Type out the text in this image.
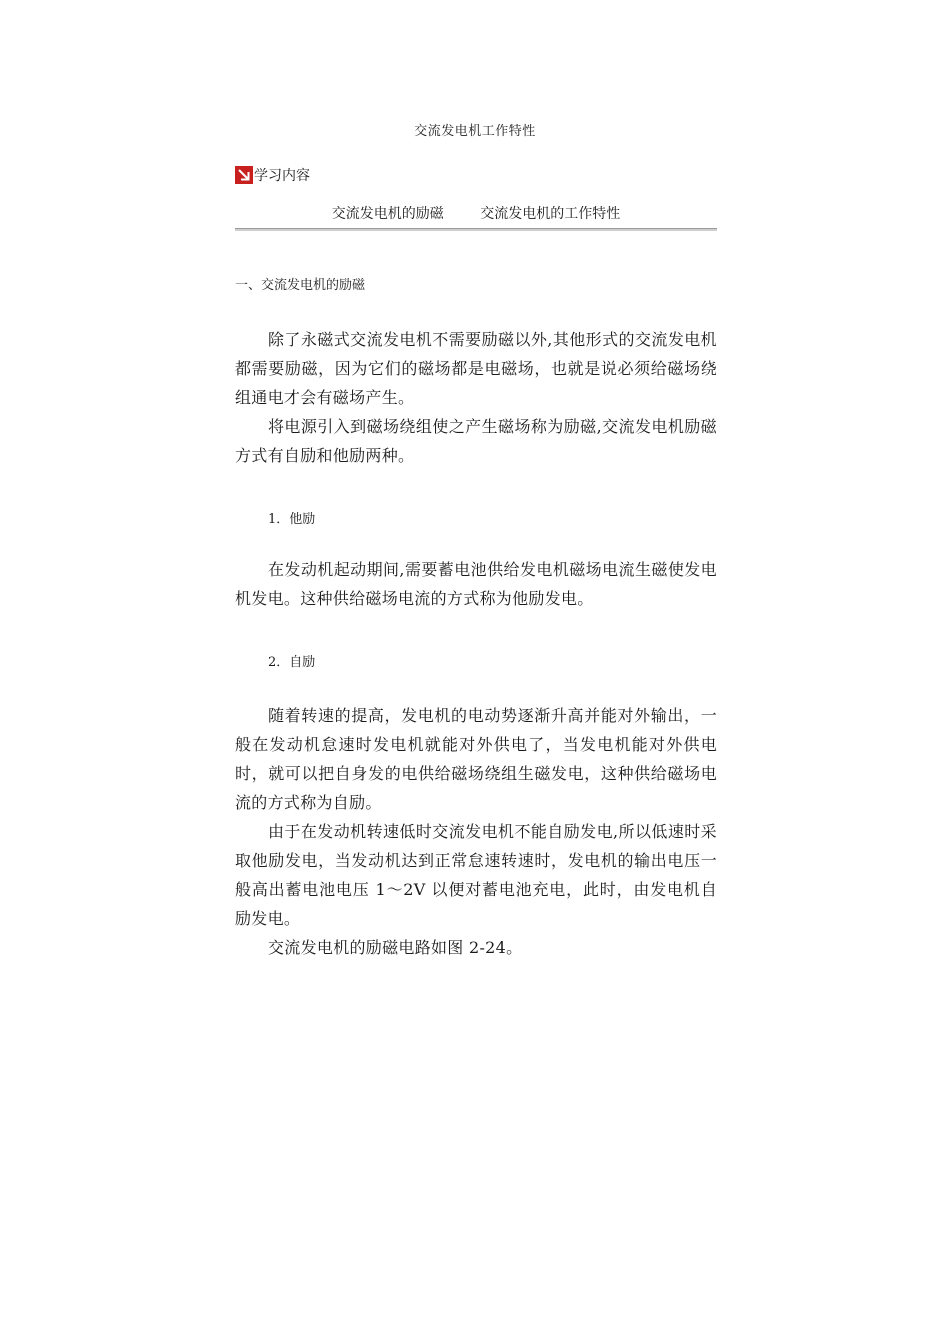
交流发电机工作特性
学习内容
交流发电机的励磁	交流发电机的工作特性
一、交流发电机的励磁

除了永磁式交流发电机不需要励磁以外,其他形式的交流发电机都需要励磁，因为它们的磁场都是电磁场，也就是说必须给磁场绕组通电才会有磁场产生。

将电源引入到磁场绕组使之产生磁场称为励磁,交流发电机励磁方式有自励和他励两种。

1．他励

在发动机起动期间,需要蓄电池供给发电机磁场电流生磁使发电机发电。这种供给磁场电流的方式称为他励发电。

2．自励

随着转速的提高，发电机的电动势逐渐升高并能对外输出，一般在发动机怠速时发电机就能对外供电了，当发电机能对外供电时，就可以把自身发的电供给磁场绕组生磁发电，这种供给磁场电流的方式称为自励。

由于在发动机转速低时交流发电机不能自励发电,所以低速时采取他励发电，当发动机达到正常怠速转速时，发电机的输出电压一般高出蓄电池电压 1～2V 以便对蓄电池充电，此时，由发电机自励发电。

交流发电机的励磁电路如图 2-24。
